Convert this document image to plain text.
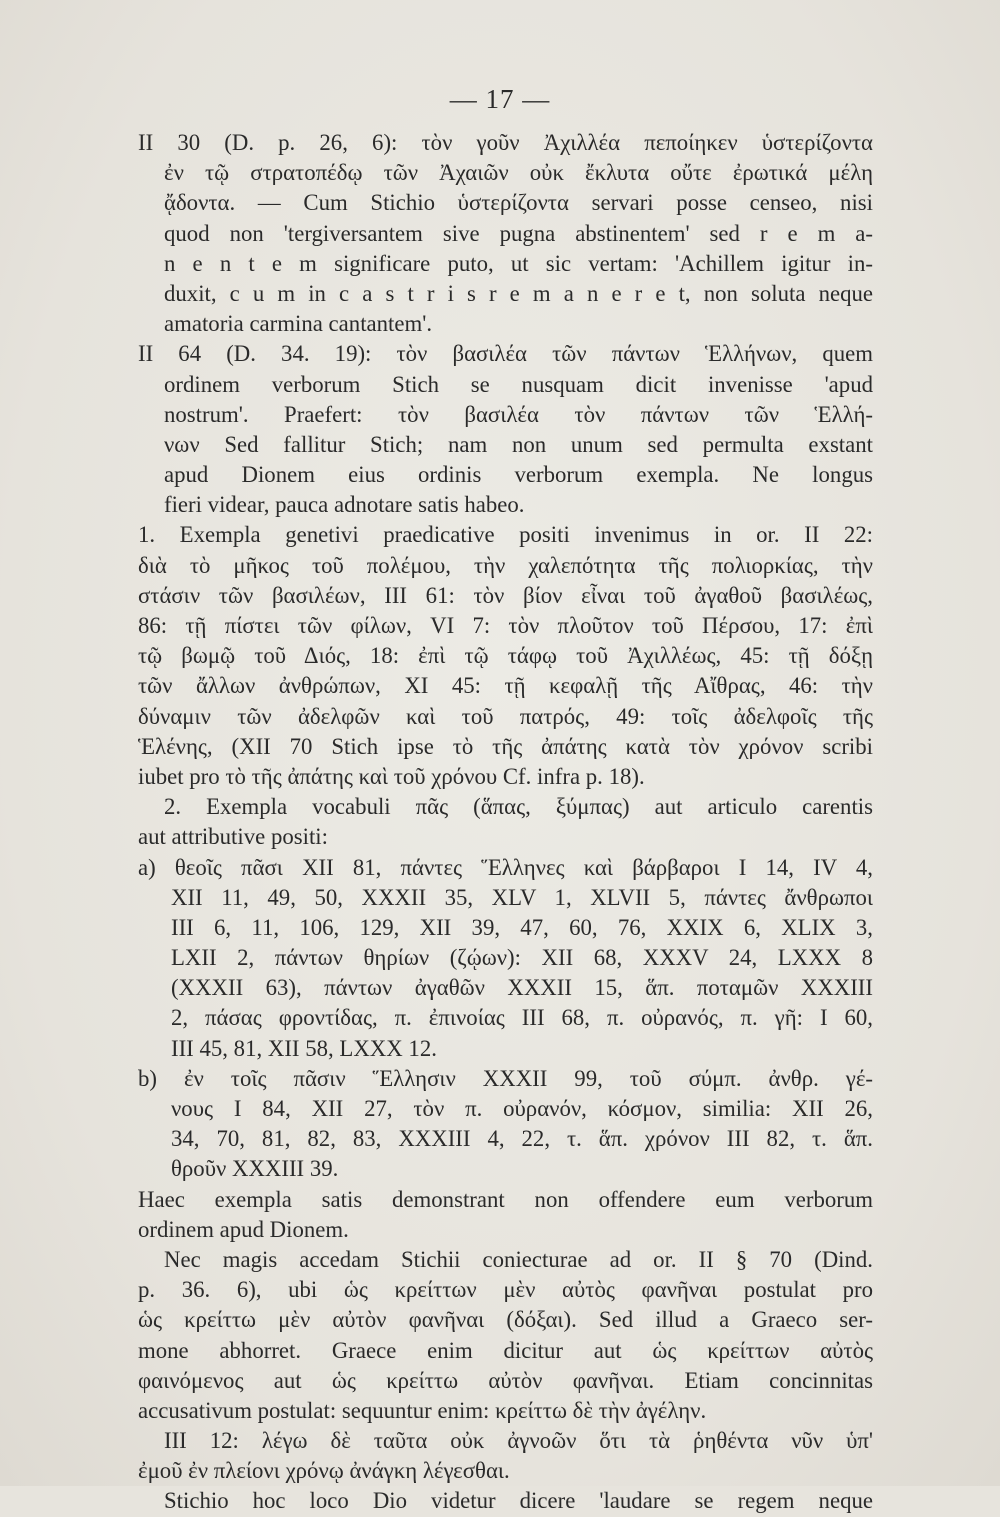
— 17 —
II 30 (D. p. 26, 6): τὸν γοῦν Ἀχιλλέα πεποίηκεν ὑστερίζοντα
ἐν τῷ στρατοπέδῳ τῶν Ἀχαιῶν οὐκ ἔκλυτα οὔτε ἐρωτικά μέλη
ᾄδοντα. — Cum Stichio ὑστερίζοντα servari posse censeo, nisi
quod non 'tergiversantem sive pugna abstinentem' sed r e m a-
n e n t e m significare puto, ut sic vertam: 'Achillem igitur in-
duxit, c u m in c a s t r i s r e m a n e r e t, non soluta neque
amatoria carmina cantantem'.
II 64 (D. 34. 19): τὸν βασιλέα τῶν πάντων Ἑλλήνων, quem
ordinem verborum Stich se nusquam dicit invenisse 'apud
nostrum'. Praefert: τὸν βασιλέα τὸν πάντων τῶν Ἑλλή-
νων Sed fallitur Stich; nam non unum sed permulta exstant
apud Dionem eius ordinis verborum exempla. Ne longus
fieri videar, pauca adnotare satis habeo.
1. Exempla genetivi praedicative positi invenimus in or. II 22:
διὰ τὸ μῆκος τοῦ πολέμου, τὴν χαλεπότητα τῆς πολιορκίας, τὴν
στάσιν τῶν βασιλέων, III 61: τὸν βίον εἶναι τοῦ ἀγαθοῦ βασιλέως,
86: τῇ πίστει τῶν φίλων, VI 7: τὸν πλοῦτον τοῦ Πέρσου, 17: ἐπὶ
τῷ βωμῷ τοῦ Διός, 18: ἐπὶ τῷ τάφῳ τοῦ Ἀχιλλέως, 45: τῇ δόξῃ
τῶν ἄλλων ἀνθρώπων, XI 45: τῇ κεφαλῇ τῆς Αἴθρας, 46: τὴν
δύναμιν τῶν ἀδελφῶν καὶ τοῦ πατρός, 49: τοῖς ἀδελφοῖς τῆς
Ἑλένης, (XII 70 Stich ipse τὸ τῆς ἀπάτης κατὰ τὸν χρόνον scribi
iubet pro τὸ τῆς ἀπάτης καὶ τοῦ χρόνου Cf. infra p. 18).
2. Exempla vocabuli πᾶς (ἅπας, ξύμπας) aut articulo carentis
aut attributive positi:
a) θεοῖς πᾶσι XII 81, πάντες Ἕλληνες καὶ βάρβαροι I 14, IV 4,
XII 11, 49, 50, XXXII 35, XLV 1, XLVII 5, πάντες ἄνθρωποι
III 6, 11, 106, 129, XII 39, 47, 60, 76, XXIX 6, XLIX 3,
LXII 2, πάντων θηρίων (ζῴων): XII 68, XXXV 24, LXXX 8
(XXXII 63), πάντων ἀγαθῶν XXXII 15, ἅπ. ποταμῶν XXXIII
2, πάσας φροντίδας, π. ἐπινοίας III 68, π. οὐρανός, π. γῆ: I 60,
III 45, 81, XII 58, LXXX 12.
b) ἐν τοῖς πᾶσιν Ἕλλησιν XXXII 99, τοῦ σύμπ. ἀνθρ. γέ-
νους I 84, XII 27, τὸν π. οὐρανόν, κόσμον, similia: XII 26,
34, 70, 81, 82, 83, XXXIII 4, 22, τ. ἅπ. χρόνον III 82, τ. ἅπ.
θροῦν XXXIII 39.
Haec exempla satis demonstrant non offendere eum verborum
ordinem apud Dionem.
Nec magis accedam Stichii coniecturae ad or. II § 70 (Dind.
p. 36. 6), ubi ὡς κρείττων μὲν αὐτὸς φανῆναι postulat pro
ὡς κρείττω μὲν αὐτὸν φανῆναι (δόξαι). Sed illud a Graeco ser-
mone abhorret. Graece enim dicitur aut ὡς κρείττων αὐτὸς
φαινόμενος aut ὡς κρείττω αὐτὸν φανῆναι. Etiam concinnitas
accusativum postulat: sequuntur enim: κρείττω δὲ τὴν ἀγέλην.
III 12: λέγω δὲ ταῦτα οὐκ ἀγνοῶν ὅτι τὰ ῥηθέντα νῦν ὑπ'
ἐμοῦ ἐν πλείονι χρόνῳ ἀνάγκη λέγεσθαι.
Stichio hoc loco Dio videtur dicere 'laudare se regem neque
